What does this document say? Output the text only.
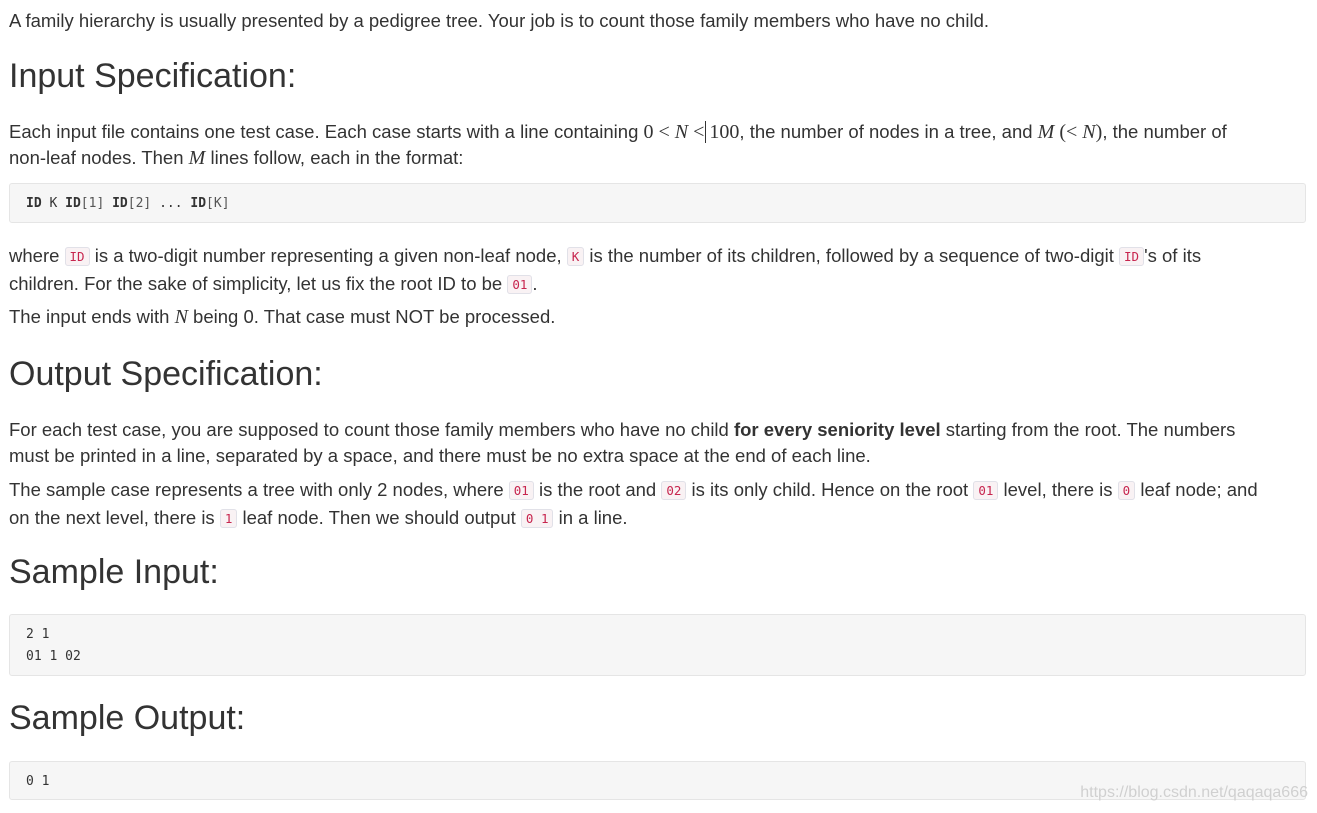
A family hierarchy is usually presented by a pedigree tree. Your job is to count those family members who have no child.

Input Specification:

Each input file contains one test case. Each case starts with a line containing 0 < N < 100, the number of nodes in a tree, and M (< N), the number of
non-leaf nodes. Then M lines follow, each in the format:

ID K ID[1] ID[2] ... ID[K]

where ID is a two-digit number representing a given non-leaf node, K is the number of its children, followed by a sequence of two-digit ID 's of its
children. For the sake of simplicity, let us fix the root ID to be 01 .

The input ends with N being 0. That case must NOT be processed.

Output Specification:

For each test case, you are supposed to count those family members who have no child for every seniority level starting from the root. The numbers
must be printed in a line, separated by a space, and there must be no extra space at the end of each line.

The sample case represents a tree with only 2 nodes, where 01 is the root and 02 is its only child. Hence on the root 01 level, there is 0 leaf node; and
on the next level, there is 1 leaf node. Then we should output 0 1 in a line.

Sample Input:
2 1
01 1 02
Sample Output:
0 1
https://blog.csdn.net/qaqaqa666
